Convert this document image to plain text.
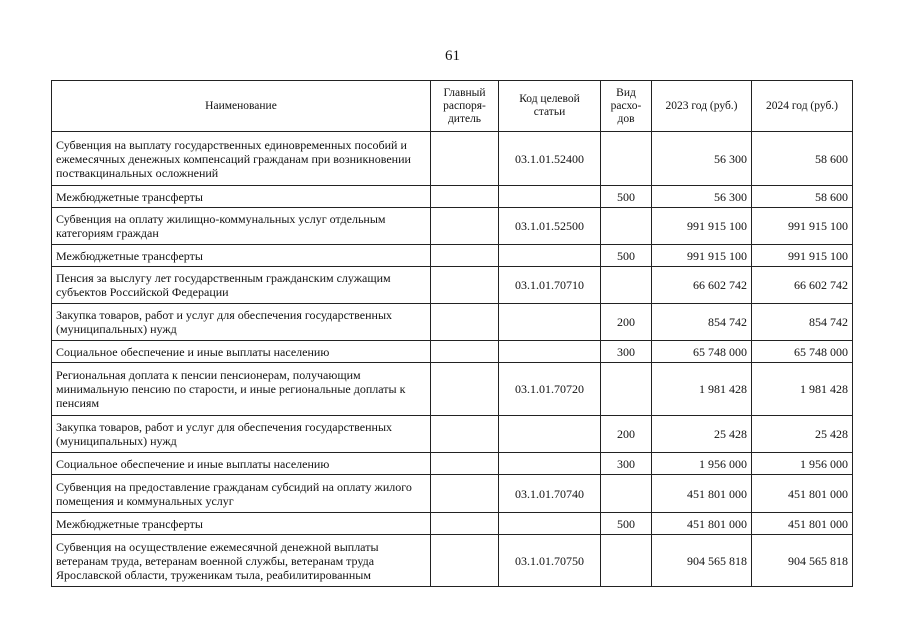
61
Наименование	Главный распоря-дитель	Код целевой статьи	Вид расхо-дов	2023 год (руб.)	2024 год (руб.)
Субвенция на выплату государственных единовременных пособий и ежемесячных денежных компенсаций гражданам при возникновении поствакцинальных осложнений		03.1.01.52400		56 300	58 600
Межбюджетные трансферты			500	56 300	58 600
Субвенция на оплату жилищно-коммунальных услуг отдельным категориям граждан		03.1.01.52500		991 915 100	991 915 100
Межбюджетные трансферты			500	991 915 100	991 915 100
Пенсия за выслугу лет государственным гражданским служащим субъектов Российской Федерации		03.1.01.70710		66 602 742	66 602 742
Закупка товаров, работ и услуг для обеспечения государственных (муниципальных) нужд			200	854 742	854 742
Социальное обеспечение и иные выплаты населению			300	65 748 000	65 748 000
Региональная доплата к пенсии пенсионерам, получающим минимальную пенсию по старости, и иные региональные доплаты к пенсиям		03.1.01.70720		1 981 428	1 981 428
Закупка товаров, работ и услуг для обеспечения государственных (муниципальных) нужд			200	25 428	25 428
Социальное обеспечение и иные выплаты населению			300	1 956 000	1 956 000
Субвенция на предоставление гражданам субсидий на оплату жилого помещения и коммунальных услуг		03.1.01.70740		451 801 000	451 801 000
Межбюджетные трансферты			500	451 801 000	451 801 000
Субвенция на осуществление ежемесячной денежной выплаты ветеранам труда, ветеранам военной службы, ветеранам труда Ярославской области, труженикам тыла, реабилитированным		03.1.01.70750		904 565 818	904 565 818
